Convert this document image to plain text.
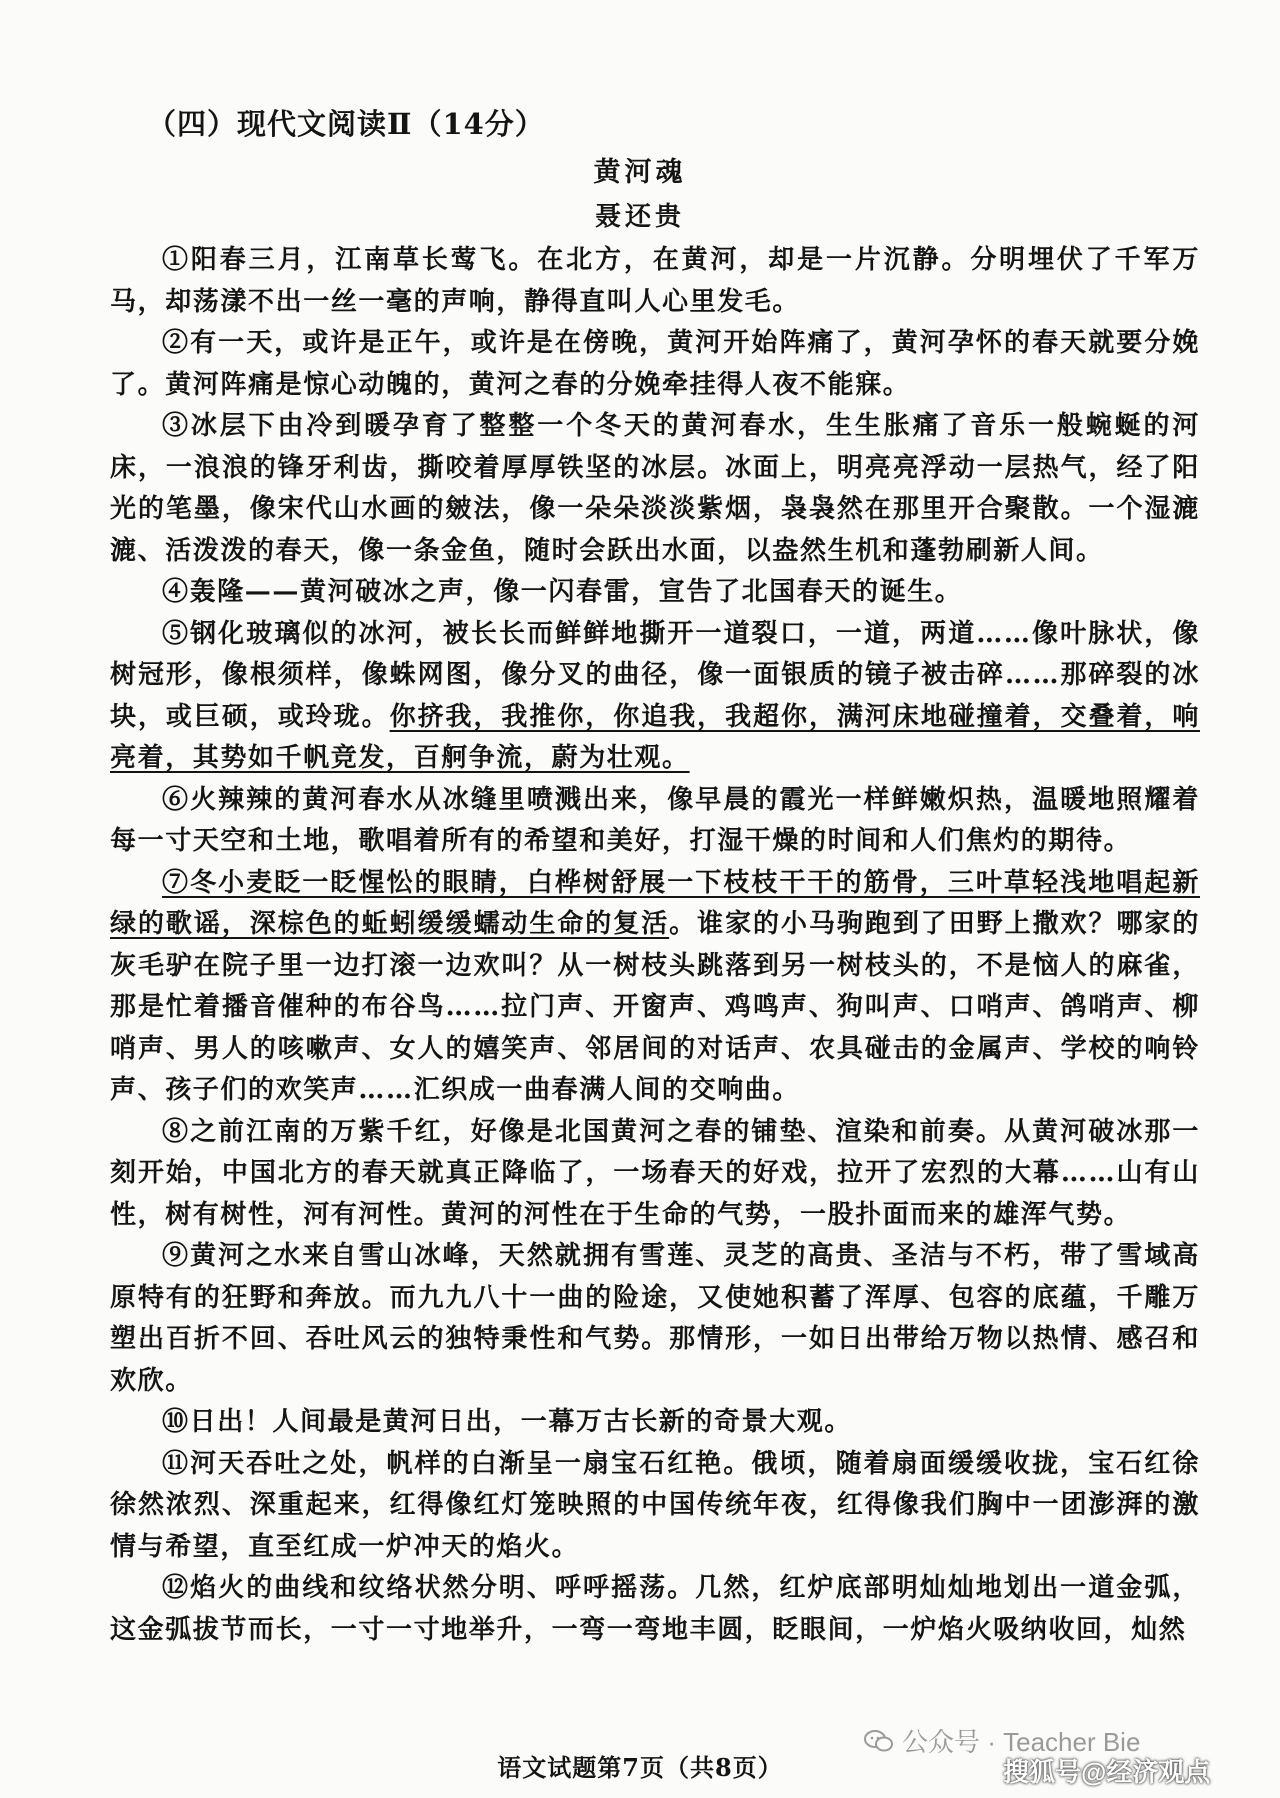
（四）现代文阅读Ⅱ（14分）
黄河魂
聂还贵

①阳春三月，江南草长莺飞。在北方，在黄河，却是一片沉静。分明埋伏了千军万马，却荡漾不出一丝一毫的声响，静得直叫人心里发毛。

②有一天，或许是正午，或许是在傍晚，黄河开始阵痛了，黄河孕怀的春天就要分娩了。黄河阵痛是惊心动魄的，黄河之春的分娩牵挂得人夜不能寐。

③冰层下由冷到暖孕育了整整一个冬天的黄河春水，生生胀痛了音乐一般蜿蜒的河床，一浪浪的锋牙利齿，撕咬着厚厚铁坚的冰层。冰面上，明亮亮浮动一层热气，经了阳光的笔墨，像宋代山水画的皴法，像一朵朵淡淡紫烟，袅袅然在那里开合聚散。一个湿漉漉、活泼泼的春天，像一条金鱼，随时会跃出水面，以盎然生机和蓬勃刷新人间。

④轰隆——黄河破冰之声，像一闪春雷，宣告了北国春天的诞生。

⑤钢化玻璃似的冰河，被长长而鲜鲜地撕开一道裂口，一道，两道……像叶脉状，像树冠形，像根须样，像蛛网图，像分叉的曲径，像一面银质的镜子被击碎……那碎裂的冰块，或巨硕，或玲珑。你挤我，我推你，你追我，我超你，满河床地碰撞着，交叠着，响亮着，其势如千帆竞发，百舸争流，蔚为壮观。

⑥火辣辣的黄河春水从冰缝里喷溅出来，像早晨的霞光一样鲜嫩炽热，温暖地照耀着每一寸天空和土地，歌唱着所有的希望和美好，打湿干燥的时间和人们焦灼的期待。

⑦冬小麦眨一眨惺忪的眼睛，白桦树舒展一下枝枝干干的筋骨，三叶草轻浅地唱起新绿的歌谣，深棕色的蚯蚓缓缓蠕动生命的复活。谁家的小马驹跑到了田野上撒欢？哪家的灰毛驴在院子里一边打滚一边欢叫？从一树枝头跳落到另一树枝头的，不是恼人的麻雀，那是忙着播音催种的布谷鸟……拉门声、开窗声、鸡鸣声、狗叫声、口哨声、鸽哨声、柳哨声、男人的咳嗽声、女人的嬉笑声、邻居间的对话声、农具碰击的金属声、学校的响铃声、孩子们的欢笑声……汇织成一曲春满人间的交响曲。

⑧之前江南的万紫千红，好像是北国黄河之春的铺垫、渲染和前奏。从黄河破冰那一刻开始，中国北方的春天就真正降临了，一场春天的好戏，拉开了宏烈的大幕……山有山性，树有树性，河有河性。黄河的河性在于生命的气势，一股扑面而来的雄浑气势。

⑨黄河之水来自雪山冰峰，天然就拥有雪莲、灵芝的高贵、圣洁与不朽，带了雪域高原特有的狂野和奔放。而九九八十一曲的险途，又使她积蓄了浑厚、包容的底蕴，千雕万塑出百折不回、吞吐风云的独特秉性和气势。那情形，一如日出带给万物以热情、感召和欢欣。

⑩日出！人间最是黄河日出，一幕万古长新的奇景大观。

⑪河天吞吐之处，帆样的白渐呈一扇宝石红艳。俄顷，随着扇面缓缓收拢，宝石红徐徐然浓烈、深重起来，红得像红灯笼映照的中国传统年夜，红得像我们胸中一团澎湃的激情与希望，直至红成一炉冲天的焰火。

⑫焰火的曲线和纹络状然分明、呼呼摇荡。几然，红炉底部明灿灿地划出一道金弧，这金弧拔节而长，一寸一寸地举升，一弯一弯地丰圆，眨眼间，一炉焰火吸纳收回，灿然

公众号 · Teacher Bie
语文试题第7页（共8页）	搜狐号@经济观点
